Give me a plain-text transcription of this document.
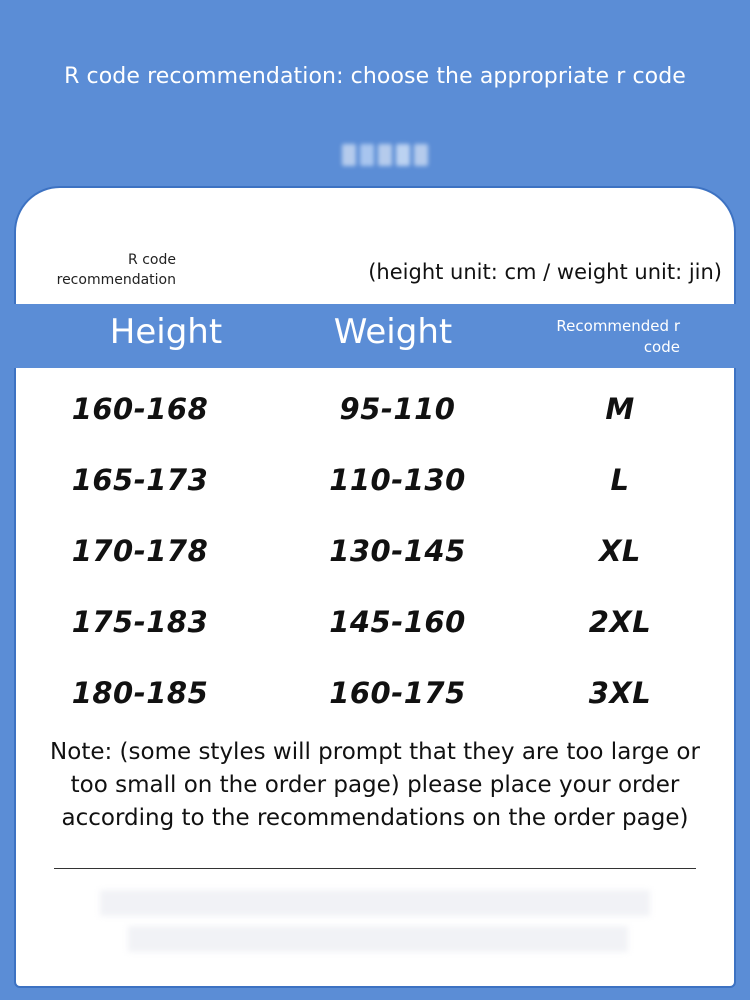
R code recommendation: choose the appropriate r code
R code recommendation	(height unit: cm / weight unit: jin)
Height	Weight	Recommended r code
160-168	95-110	M
165-173	110-130	L
170-178	130-145	XL
175-183	145-160	2XL
180-185	160-175	3XL
Note: (some styles will prompt that they are too large or too small on the order page) please place your order according to the recommendations on the order page)
